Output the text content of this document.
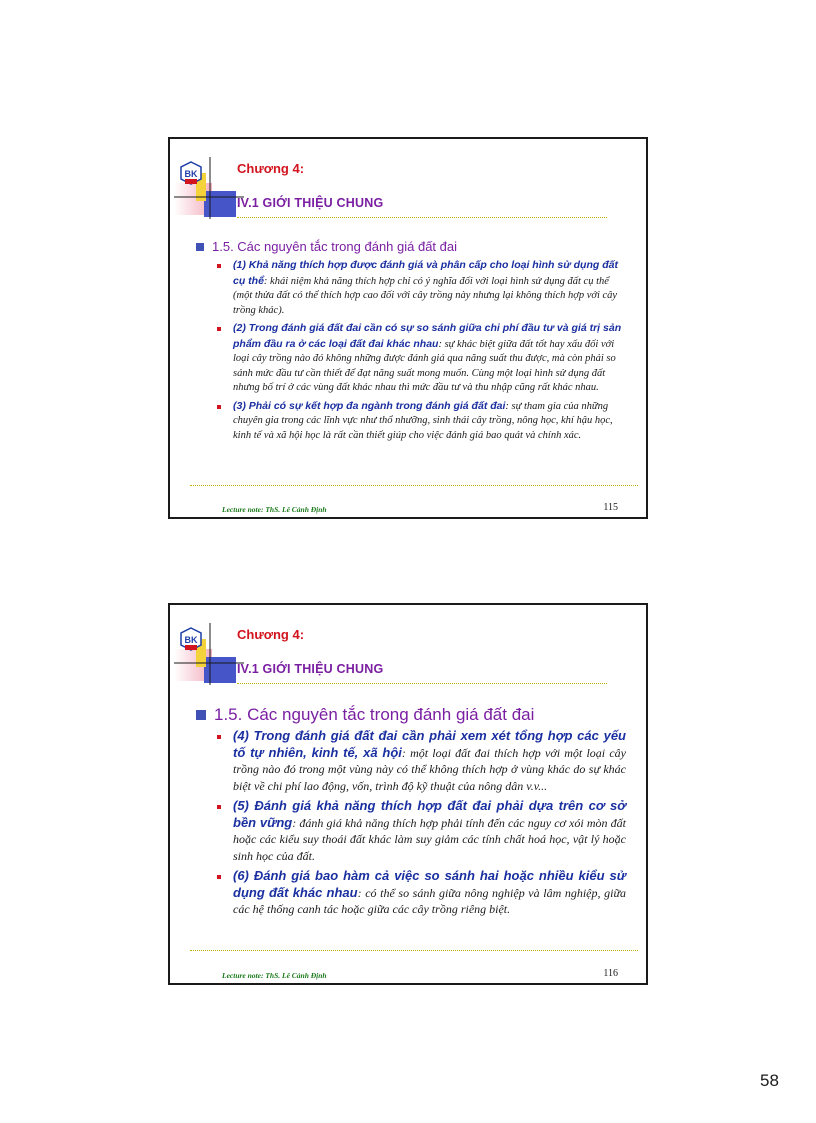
BK	Chương 4:
IV.1 GIỚI THIỆU CHUNG
1.5. Các nguyên tắc trong đánh giá đất đai
(1) Khả năng thích hợp được đánh giá và phân cấp cho loại hình sử dụng đất cụ thể: khái niệm khả năng thích hợp chỉ có ý nghĩa đối với loại hình sử dụng đất cụ thể (một thửa đất có thể thích hợp cao đối với cây trồng này nhưng lại không thích hợp với cây trồng khác).
(2) Trong đánh giá đất đai cần có sự so sánh giữa chi phí đầu tư và giá trị sản phẩm đầu ra ở các loại đất đai khác nhau: sự khác biệt giữa đất tốt hay xấu đối với loại cây trồng nào đó không những được đánh giá qua năng suất thu được, mà còn phải so sánh mức đầu tư cần thiết để đạt năng suất mong muốn. Cùng một loại hình sử dụng đất nhưng bố trí ở các vùng đất khác nhau thì mức đầu tư và thu nhập cũng rất khác nhau.
(3) Phải có sự kết hợp đa ngành trong đánh giá đất đai: sự tham gia của những chuyên gia trong các lĩnh vực như thổ nhưỡng, sinh thái cây trồng, nông học, khí hậu học, kinh tế và xã hội học là rất cần thiết giúp cho việc đánh giá bao quát và chính xác.
Lecture note: ThS. Lê Cảnh Định	115
BK	Chương 4:
IV.1 GIỚI THIỆU CHUNG
1.5. Các nguyên tắc trong đánh giá đất đai
(4) Trong đánh giá đất đai cần phải xem xét tổng hợp các yếu tố tự nhiên, kinh tế, xã hội: một loại đất đai thích hợp với một loại cây trồng nào đó trong một vùng này có thể không thích hợp ở vùng khác do sự khác biệt về chi phí lao động, vốn, trình độ kỹ thuật của nông dân v.v...
(5) Đánh giá khả năng thích hợp đất đai phải dựa trên cơ sở bền vững: đánh giá khả năng thích hợp phải tính đến các nguy cơ xói mòn đất hoặc các kiểu suy thoái đất khác làm suy giảm các tính chất hoá học, vật lý hoặc sinh học của đất.
(6) Đánh giá bao hàm cả việc so sánh hai hoặc nhiều kiểu sử dụng đất khác nhau: có thể so sánh giữa nông nghiệp và lâm nghiệp, giữa các hệ thống canh tác hoặc giữa các cây trồng riêng biệt.
Lecture note: ThS. Lê Cảnh Định	116
58
